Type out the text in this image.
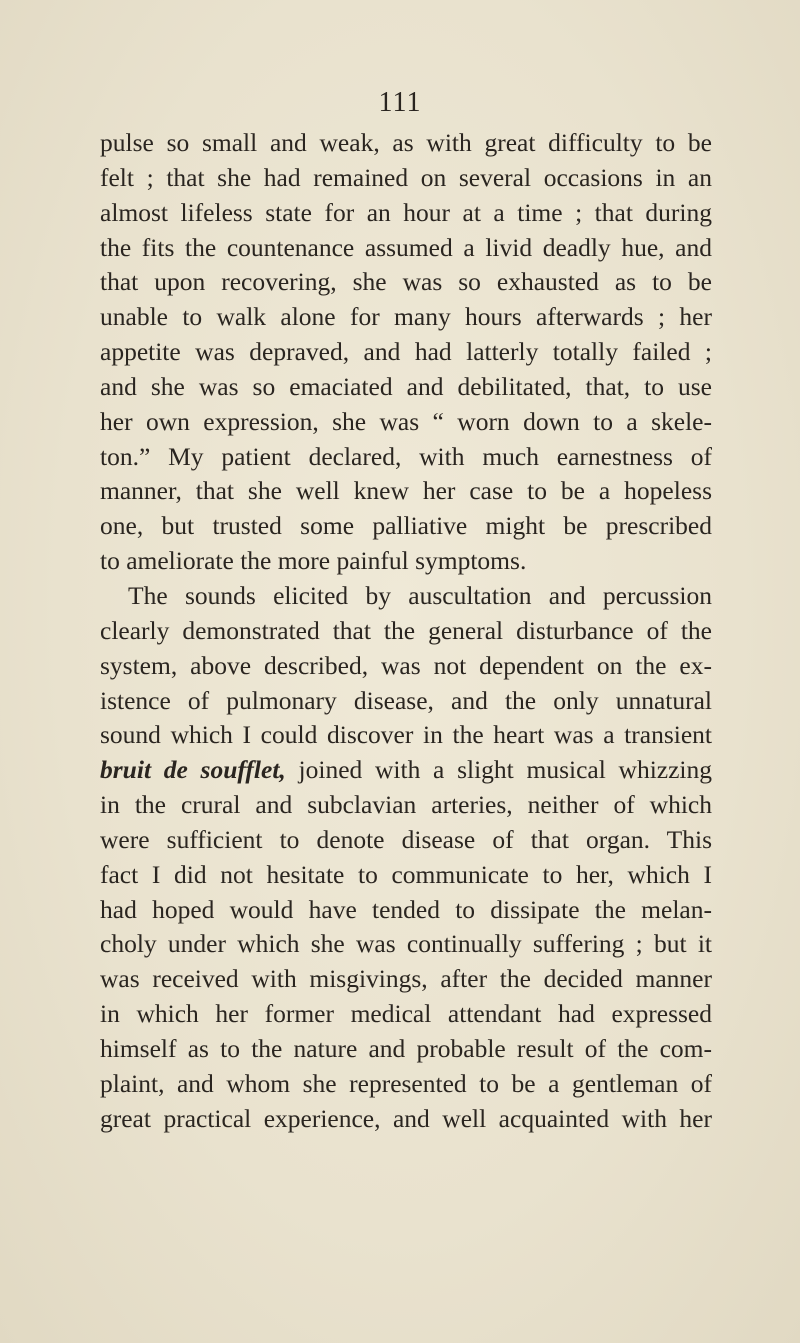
111
pulse so small and weak, as with great difficulty to be
felt ; that she had remained on several occasions in an
almost lifeless state for an hour at a time ; that during
the fits the countenance assumed a livid deadly hue, and
that upon recovering, she was so exhausted as to be
unable to walk alone for many hours afterwards ; her
appetite was depraved, and had latterly totally failed ;
and she was so emaciated and debilitated, that, to use
her own expression, she was “ worn down to a skele-
ton.” My patient declared, with much earnestness of
manner, that she well knew her case to be a hopeless
one, but trusted some palliative might be prescribed
to ameliorate the more painful symptoms.
The sounds elicited by auscultation and percussion
clearly demonstrated that the general disturbance of the
system, above described, was not dependent on the ex-
istence of pulmonary disease, and the only unnatural
sound which I could discover in the heart was a transient
bruit de soufflet, joined with a slight musical whizzing
in the crural and subclavian arteries, neither of which
were sufficient to denote disease of that organ. This
fact I did not hesitate to communicate to her, which I
had hoped would have tended to dissipate the melan-
choly under which she was continually suffering ; but it
was received with misgivings, after the decided manner
in which her former medical attendant had expressed
himself as to the nature and probable result of the com-
plaint, and whom she represented to be a gentleman of
great practical experience, and well acquainted with her
